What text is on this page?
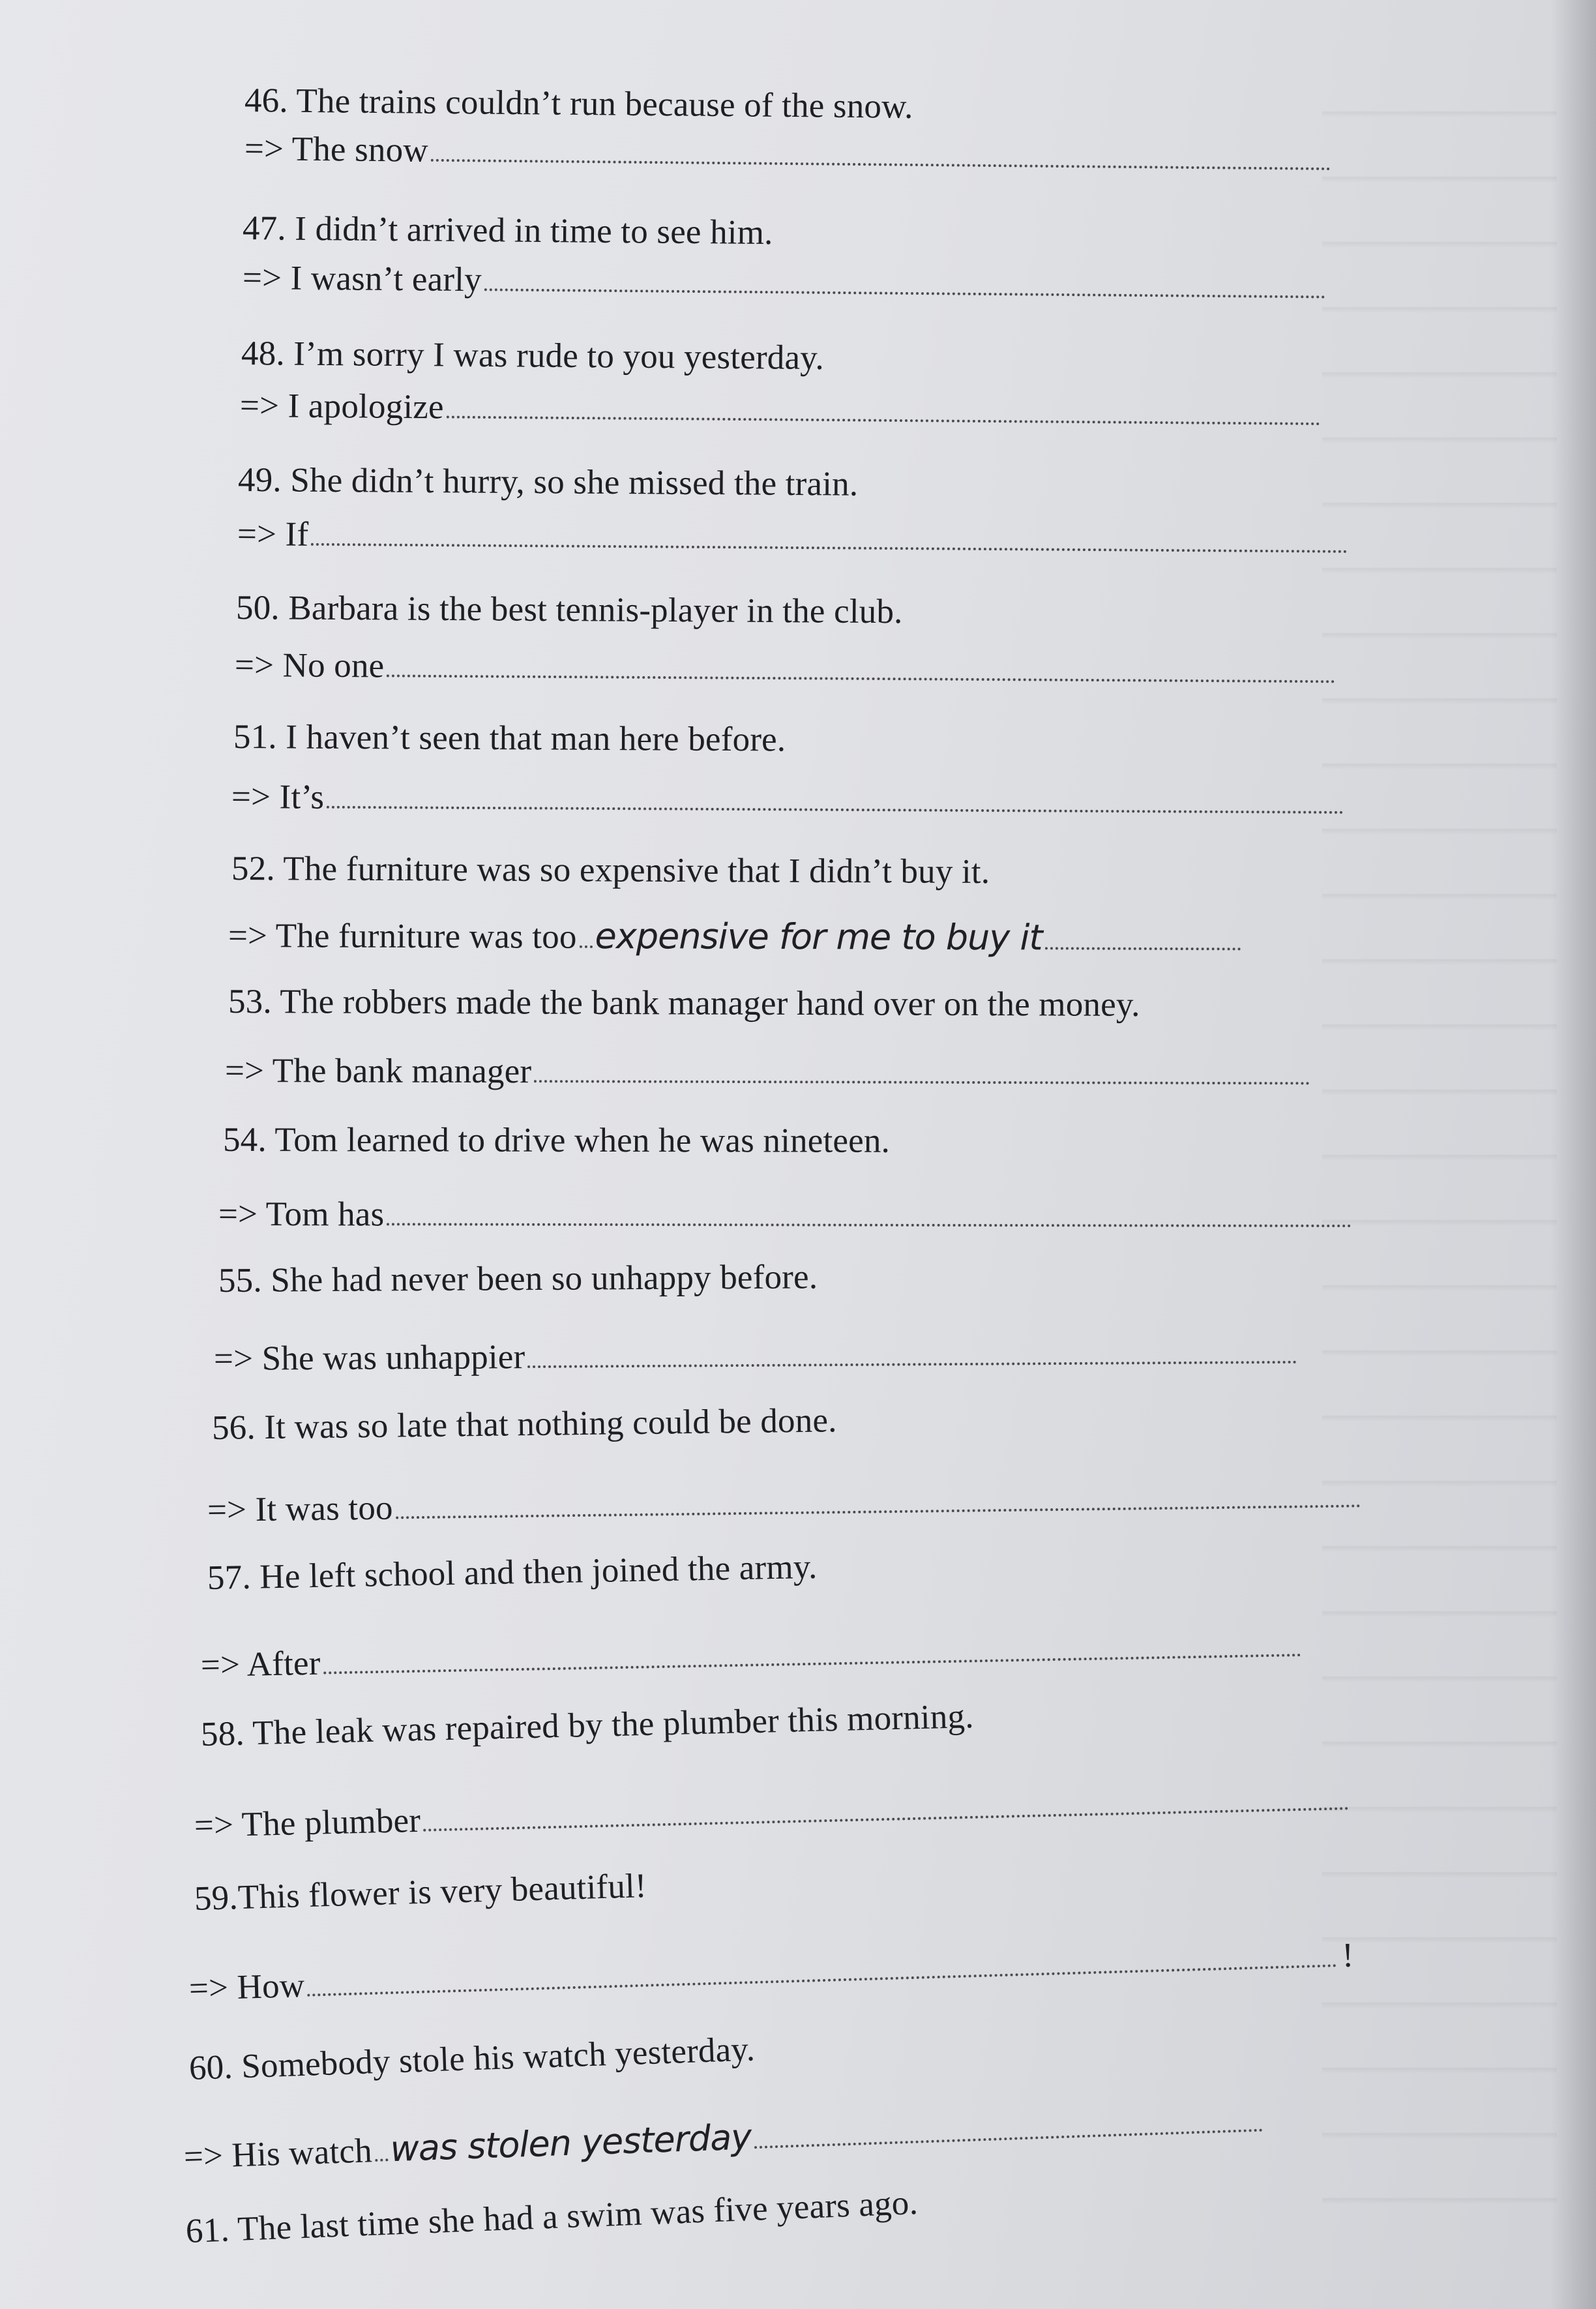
46. The trains couldn’t run because of the snow.
=> The snow
47. I didn’t arrived in time to see him.
=> I wasn’t early
48. I’m sorry I was rude to you yesterday.
=> I apologize
49. She didn’t hurry, so she missed the train.
=> If
50. Barbara is the best tennis-player in the club.
=> No one
51. I haven’t seen that man here before.
=> It’s
52. The furniture was so expensive that I didn’t buy it.
=> The furniture was too expensive for me to buy it
53. The robbers made the bank manager hand over on the money.
=> The bank manager
54. Tom learned to drive when he was nineteen.
=> Tom has
55. She had never been so unhappy before.
=> She was unhappier
56. It was so late that nothing could be done.
=> It was too
57. He left school and then joined the army.
=> After
58. The leak was repaired by the plumber this morning.
=> The plumber
59.This flower is very beautiful!
=> How!
60. Somebody stole his watch yesterday.
=> His watch was stolen yesterday
61. The last time she had a swim was five years ago.
